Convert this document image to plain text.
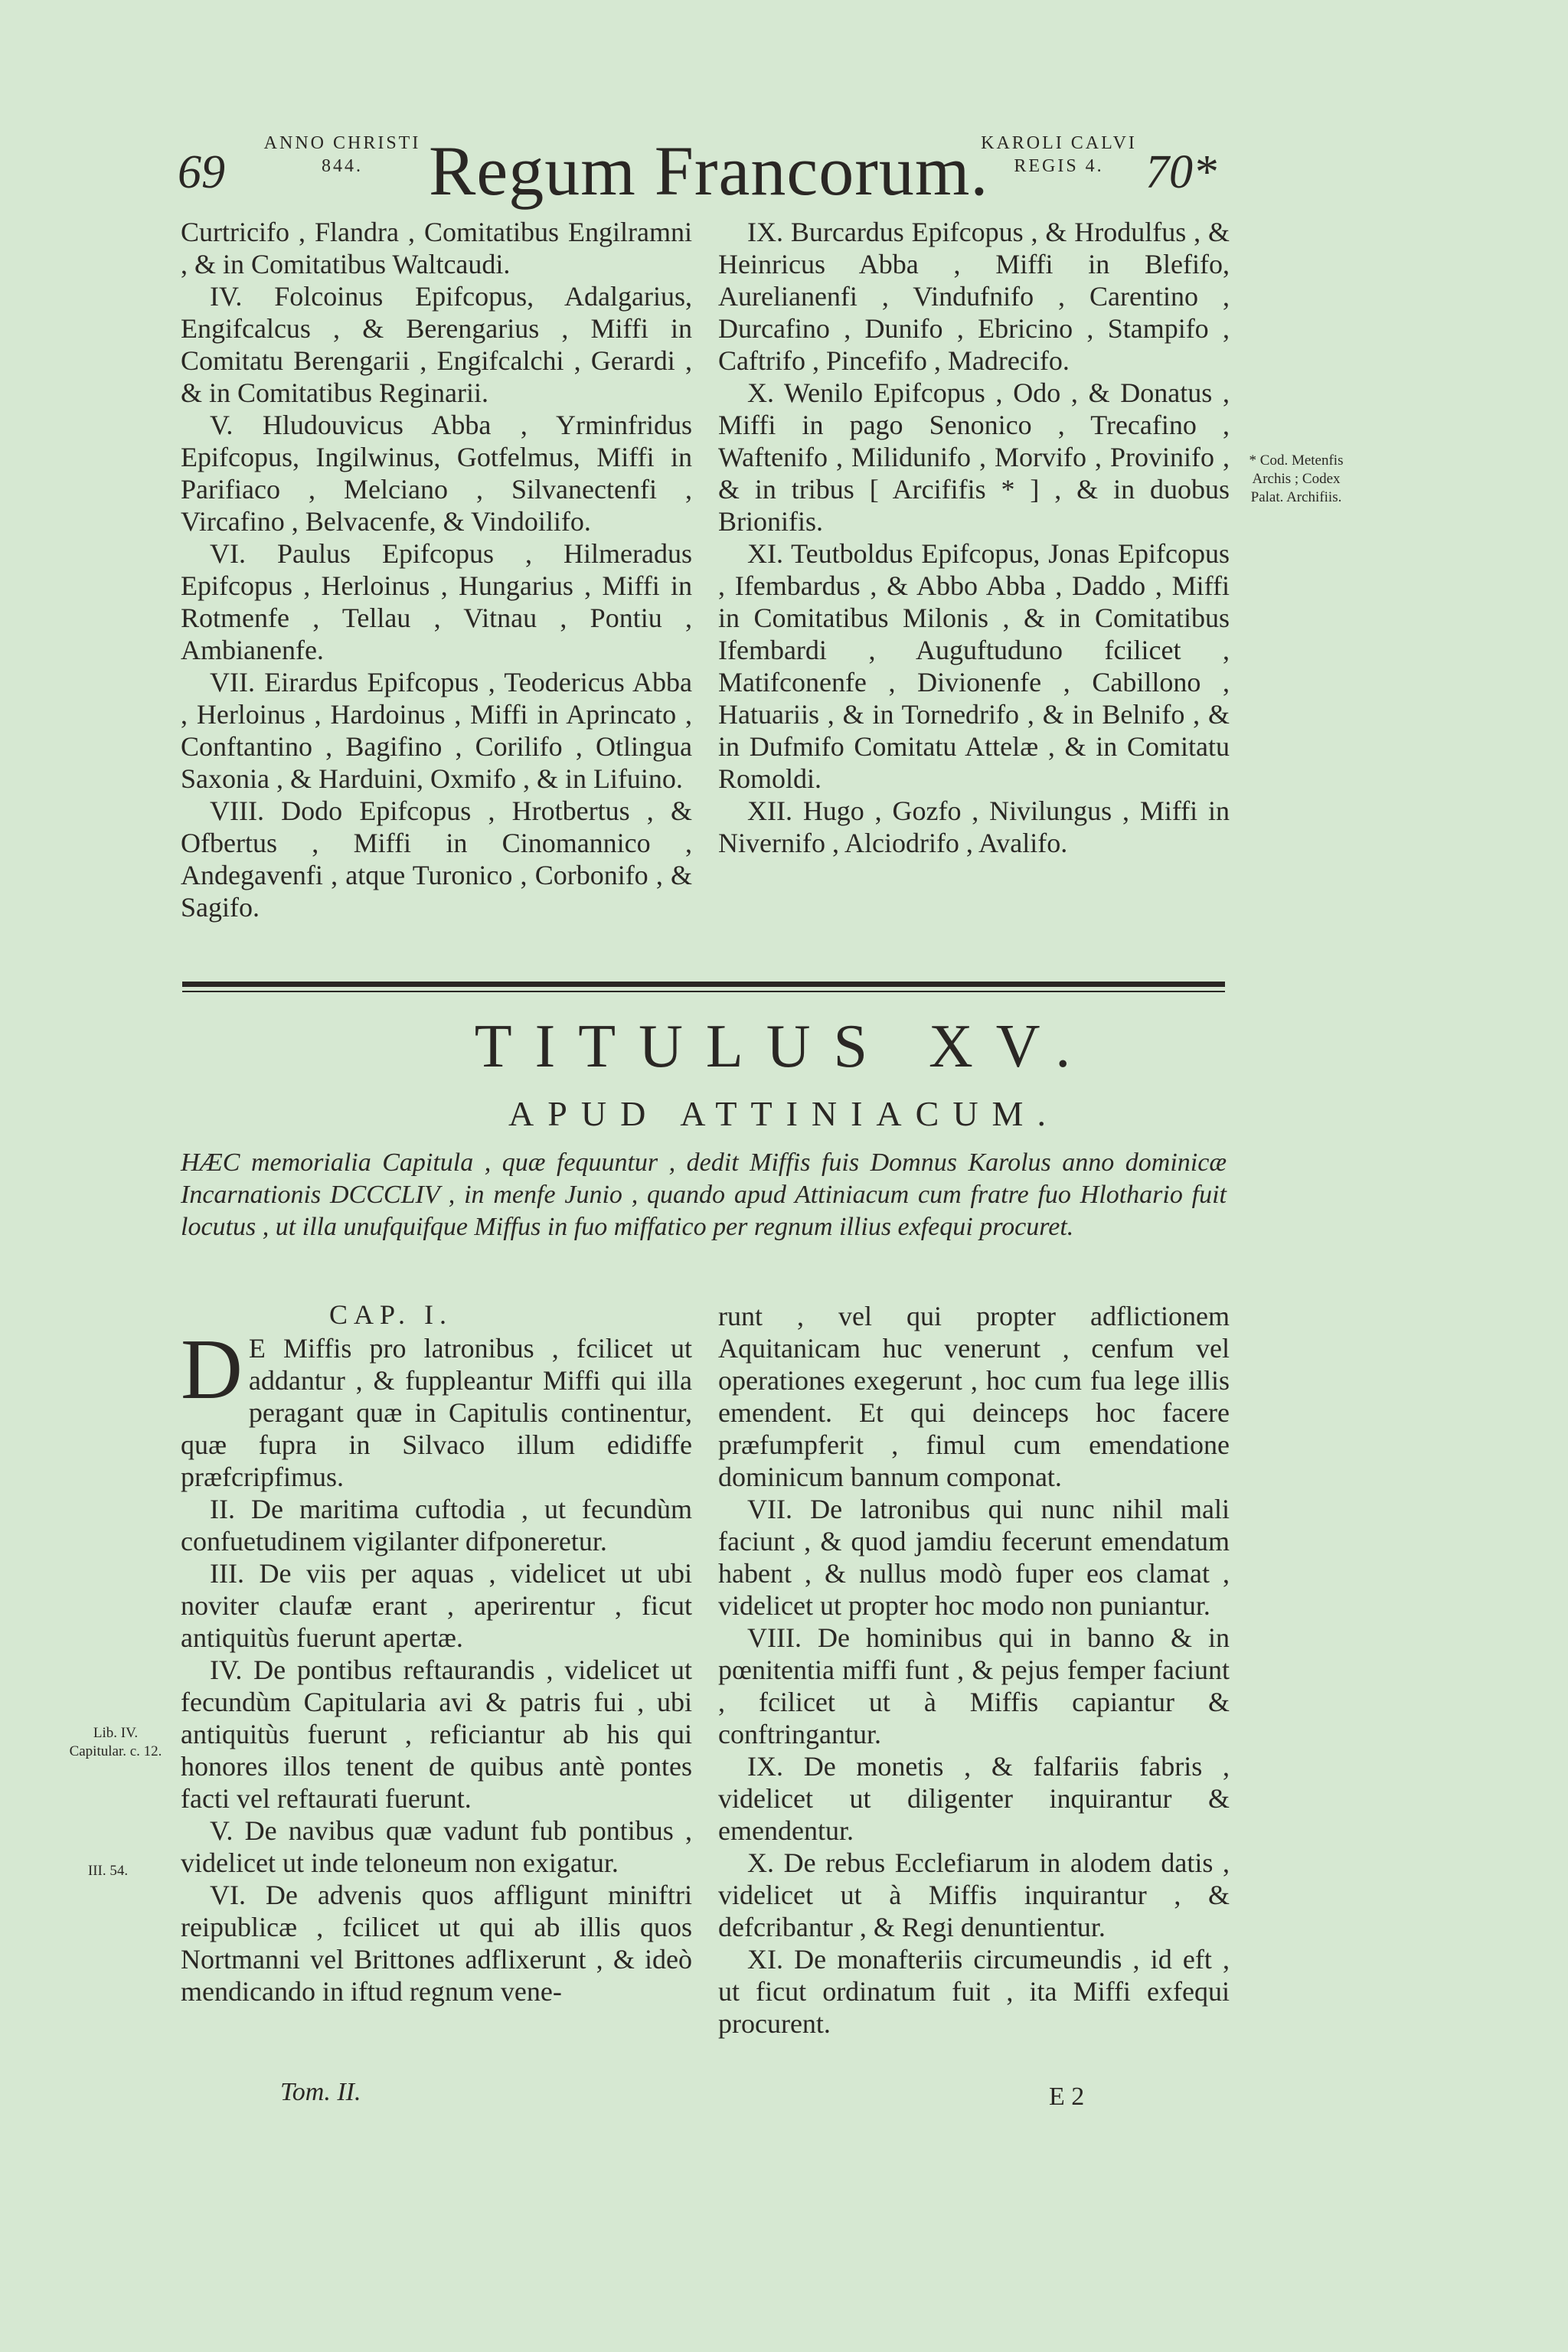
69
ANNO CHRISTI
844. Regum Francorum.
KAROLI CALVI
REGIS 4. 70*

Curtricifo , Flandra , Comitatibus Engilramni , & in Comitatibus Waltcaudi.

IV. Folcoinus Epifcopus, Adalgarius, Engifcalcus , & Berengarius , Miffi in Comitatu Berengarii , Engifcalchi , Gerardi , & in Comitatibus Reginarii.

V. Hludouvicus Abba , Yrminfridus Epifcopus, Ingilwinus, Gotfelmus, Miffi in Parifiaco , Melciano , Silvanectenfi , Vircafino , Belvacenfe, & Vindoilifo.

VI. Paulus Epifcopus , Hilmeradus Epifcopus , Herloinus , Hungarius , Miffi in Rotmenfe , Tellau , Vitnau , Pontiu , Ambianenfe.

VII. Eirardus Epifcopus , Teodericus Abba , Herloinus , Hardoinus , Miffi in Aprincato , Conftantino , Bagifino , Corilifo , Otlingua Saxonia , & Harduini, Oxmifo , & in Lifuino.

VIII. Dodo Epifcopus , Hrotbertus , & Ofbertus , Miffi in Cinomannico , Andegavenfi , atque Turonico , Corbonifo , & Sagifo.

IX. Burcardus Epifcopus , & Hrodulfus , & Heinricus Abba , Miffi in Blefifo, Aurelianenfi , Vindufnifo , Carentino , Durcafino , Dunifo , Ebricino , Stampifo , Caftrifo , Pincefifo , Madrecifo.

X. Wenilo Epifcopus , Odo , & Donatus , Miffi in pago Senonico , Trecafino , Waftenifo , Milidunifo , Morvifo , Provinifo , & in tribus [ Arcififis * ] , & in duobus Brionifis.

XI. Teutboldus Epifcopus, Jonas Epifcopus , Ifembardus , & Abbo Abba , Daddo , Miffi in Comitatibus Milonis , & in Comitatibus Ifembardi , Auguftuduno fcilicet , Matifconenfe , Divionenfe , Cabillono , Hatuariis , & in Tornedrifo , & in Belnifo , & in Dufmifo Comitatu Attelæ , & in Comitatu Romoldi.

XII. Hugo , Gozfo , Nivilungus , Miffi in Nivernifo , Alciodrifo , Avalifo.

* Cod. Metenfis Archis ; Codex Palat. Archifiis.
TITULUS XV.
APUD ATTINIACUM.
HÆC memorialia Capitula , quæ fequuntur , dedit Miffis fuis Domnus Karolus anno dominicæ Incarnationis DCCCLIV , in menfe Junio , quando apud Attiniacum cum fratre fuo Hlothario fuit locutus , ut illa unufquifque Miffus in fuo miffatico per regnum illius exfequi procuret.
CAP. I.

D E Miffis pro latronibus , fcilicet ut addantur , & fuppleantur Miffi qui illa peragant quæ in Capitulis continentur, quæ fupra in Silvaco illum edidiffe præfcripfimus.

II. De maritima cuftodia , ut fecundùm confuetudinem vigilanter difponeretur.

III. De viis per aquas , videlicet ut ubi noviter claufæ erant , aperirentur , ficut antiquitùs fuerunt apertæ.

IV. De pontibus reftaurandis , videlicet ut fecundùm Capitularia avi & patris fui , ubi antiquitùs fuerunt , reficiantur ab his qui honores illos tenent de quibus antè pontes facti vel reftaurati fuerunt.

V. De navibus quæ vadunt fub pontibus , videlicet ut inde teloneum non exigatur.

VI. De advenis quos affligunt miniftri reipublicæ , fcilicet ut qui ab illis quos Nortmanni vel Brittones adflixerunt , & ideò mendicando in iftud regnum vene-

runt , vel qui propter adflictionem Aquitanicam huc venerunt , cenfum vel operationes exegerunt , hoc cum fua lege illis emendent. Et qui deinceps hoc facere præfumpferit , fimul cum emendatione dominicum bannum componat.

VII. De latronibus qui nunc nihil mali faciunt , & quod jamdiu fecerunt emendatum habent , & nullus modò fuper eos clamat , videlicet ut propter hoc modo non puniantur.

VIII. De hominibus qui in banno & in pœnitentia miffi funt , & pejus femper faciunt , fcilicet ut à Miffis capiantur & conftringantur.

IX. De monetis , & falfariis fabris , videlicet ut diligenter inquirantur & emendentur.

X. De rebus Ecclefiarum in alodem datis , videlicet ut à Miffis inquirantur , & defcribantur , & Regi denuntientur.

XI. De monafteriis circumeundis , id eft , ut ficut ordinatum fuit , ita Miffi exfequi procurent.

Lib. IV. Capitular. c. 12.
III. 54.
Tom. II.	E 2
